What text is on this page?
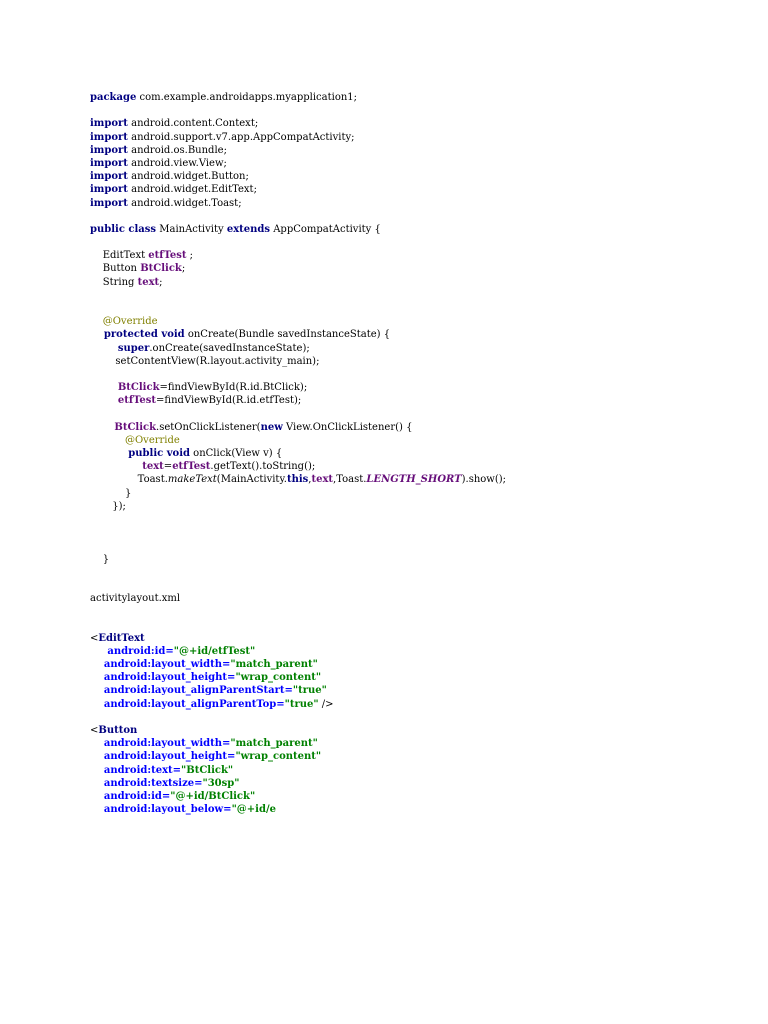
package com.example.androidapps.myapplication1;

import android.content.Context;
import android.support.v7.app.AppCompatActivity;
import android.os.Bundle;
import android.view.View;
import android.widget.Button;
import android.widget.EditText;
import android.widget.Toast;

public class MainActivity extends AppCompatActivity {

EditText etfTest ;
Button BtClick;
String text;

@Override
protected void onCreate(Bundle savedInstanceState) {
super.onCreate(savedInstanceState);
setContentView(R.layout.activity_main);

BtClick=findViewById(R.id.BtClick);
etfTest=findViewById(R.id.etfTest);

BtClick.setOnClickListener(new View.OnClickListener() {
@Override
public void onClick(View v) {
text=etfTest.getText().toString();
Toast.makeText(MainActivity.this,text,Toast.LENGTH_SHORT).show();
}
});

}

activitylayout.xml

<EditText
android:id="@+id/etfTest"
android:layout_width="match_parent"
android:layout_height="wrap_content"
android:layout_alignParentStart="true"
android:layout_alignParentTop="true" />

<Button
android:layout_width="match_parent"
android:layout_height="wrap_content"
android:text="BtClick"
android:textsize="30sp"
android:id="@+id/BtClick"
android:layout_below="@+id/e
